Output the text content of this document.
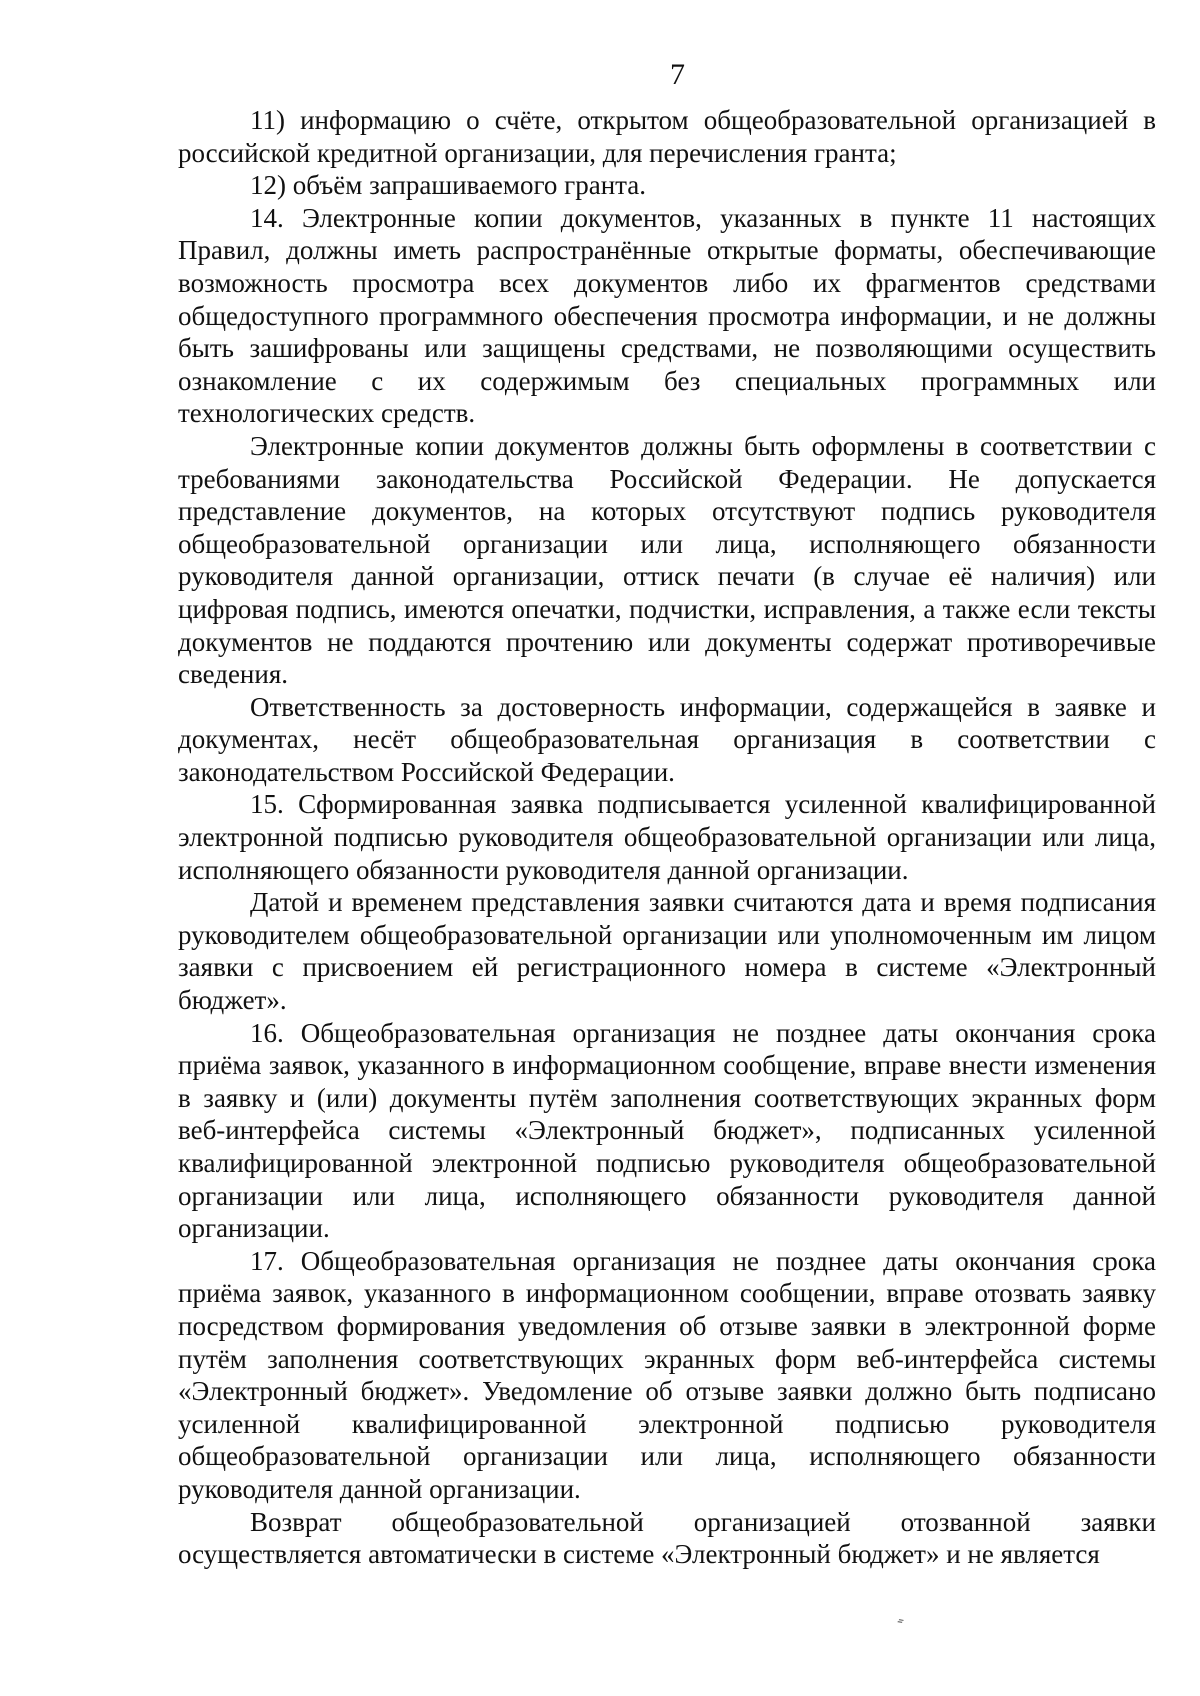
7

11) информацию о счёте, открытом общеобразовательной организацией в российской кредитной организации, для перечисления гранта;

12) объём запрашиваемого гранта.

14. Электронные копии документов, указанных в пункте 11 настоящих Правил, должны иметь распространённые открытые форматы, обеспечивающие возможность просмотра всех документов либо их фрагментов средствами общедоступного программного обеспечения просмотра информации, и не должны быть зашифрованы или защищены средствами, не позволяющими осуществить ознакомление с их содержимым без специальных программных или технологических средств.

Электронные копии документов должны быть оформлены в соответствии с требованиями законодательства Российской Федерации. Не допускается представление документов, на которых отсутствуют подпись руководителя общеобразовательной организации или лица, исполняющего обязанности руководителя данной организации, оттиск печати (в случае её наличия) или цифровая подпись, имеются опечатки, подчистки, исправления, а также если тексты документов не поддаются прочтению или документы содержат противоречивые сведения.

Ответственность за достоверность информации, содержащейся в заявке и документах, несёт общеобразовательная организация в соответствии с законодательством Российской Федерации.

15. Сформированная заявка подписывается усиленной квалифицированной электронной подписью руководителя общеобразовательной организации или лица, исполняющего обязанности руководителя данной организации.

Датой и временем представления заявки считаются дата и время подписания руководителем общеобразовательной организации или уполномоченным им лицом заявки с присвоением ей регистрационного номера в системе «Электронный бюджет».

16. Общеобразовательная организация не позднее даты окончания срока приёма заявок, указанного в информационном сообщение, вправе внести изменения в заявку и (или) документы путём заполнения соответствующих экранных форм веб-интерфейса системы «Электронный бюджет», подписанных усиленной квалифицированной электронной подписью руководителя общеобразовательной организации или лица, исполняющего обязанности руководителя данной организации.

17. Общеобразовательная организация не позднее даты окончания срока приёма заявок, указанного в информационном сообщении, вправе отозвать заявку посредством формирования уведомления об отзыве заявки в электронной форме путём заполнения соответствующих экранных форм веб-интерфейса системы «Электронный бюджет». Уведомление об отзыве заявки должно быть подписано усиленной квалифицированной электронной подписью руководителя общеобразовательной организации или лица, исполняющего обязанности руководителя данной организации.

Возврат общеобразовательной организацией отозванной заявки осуществляется автоматически в системе «Электронный бюджет» и не является

⸗
